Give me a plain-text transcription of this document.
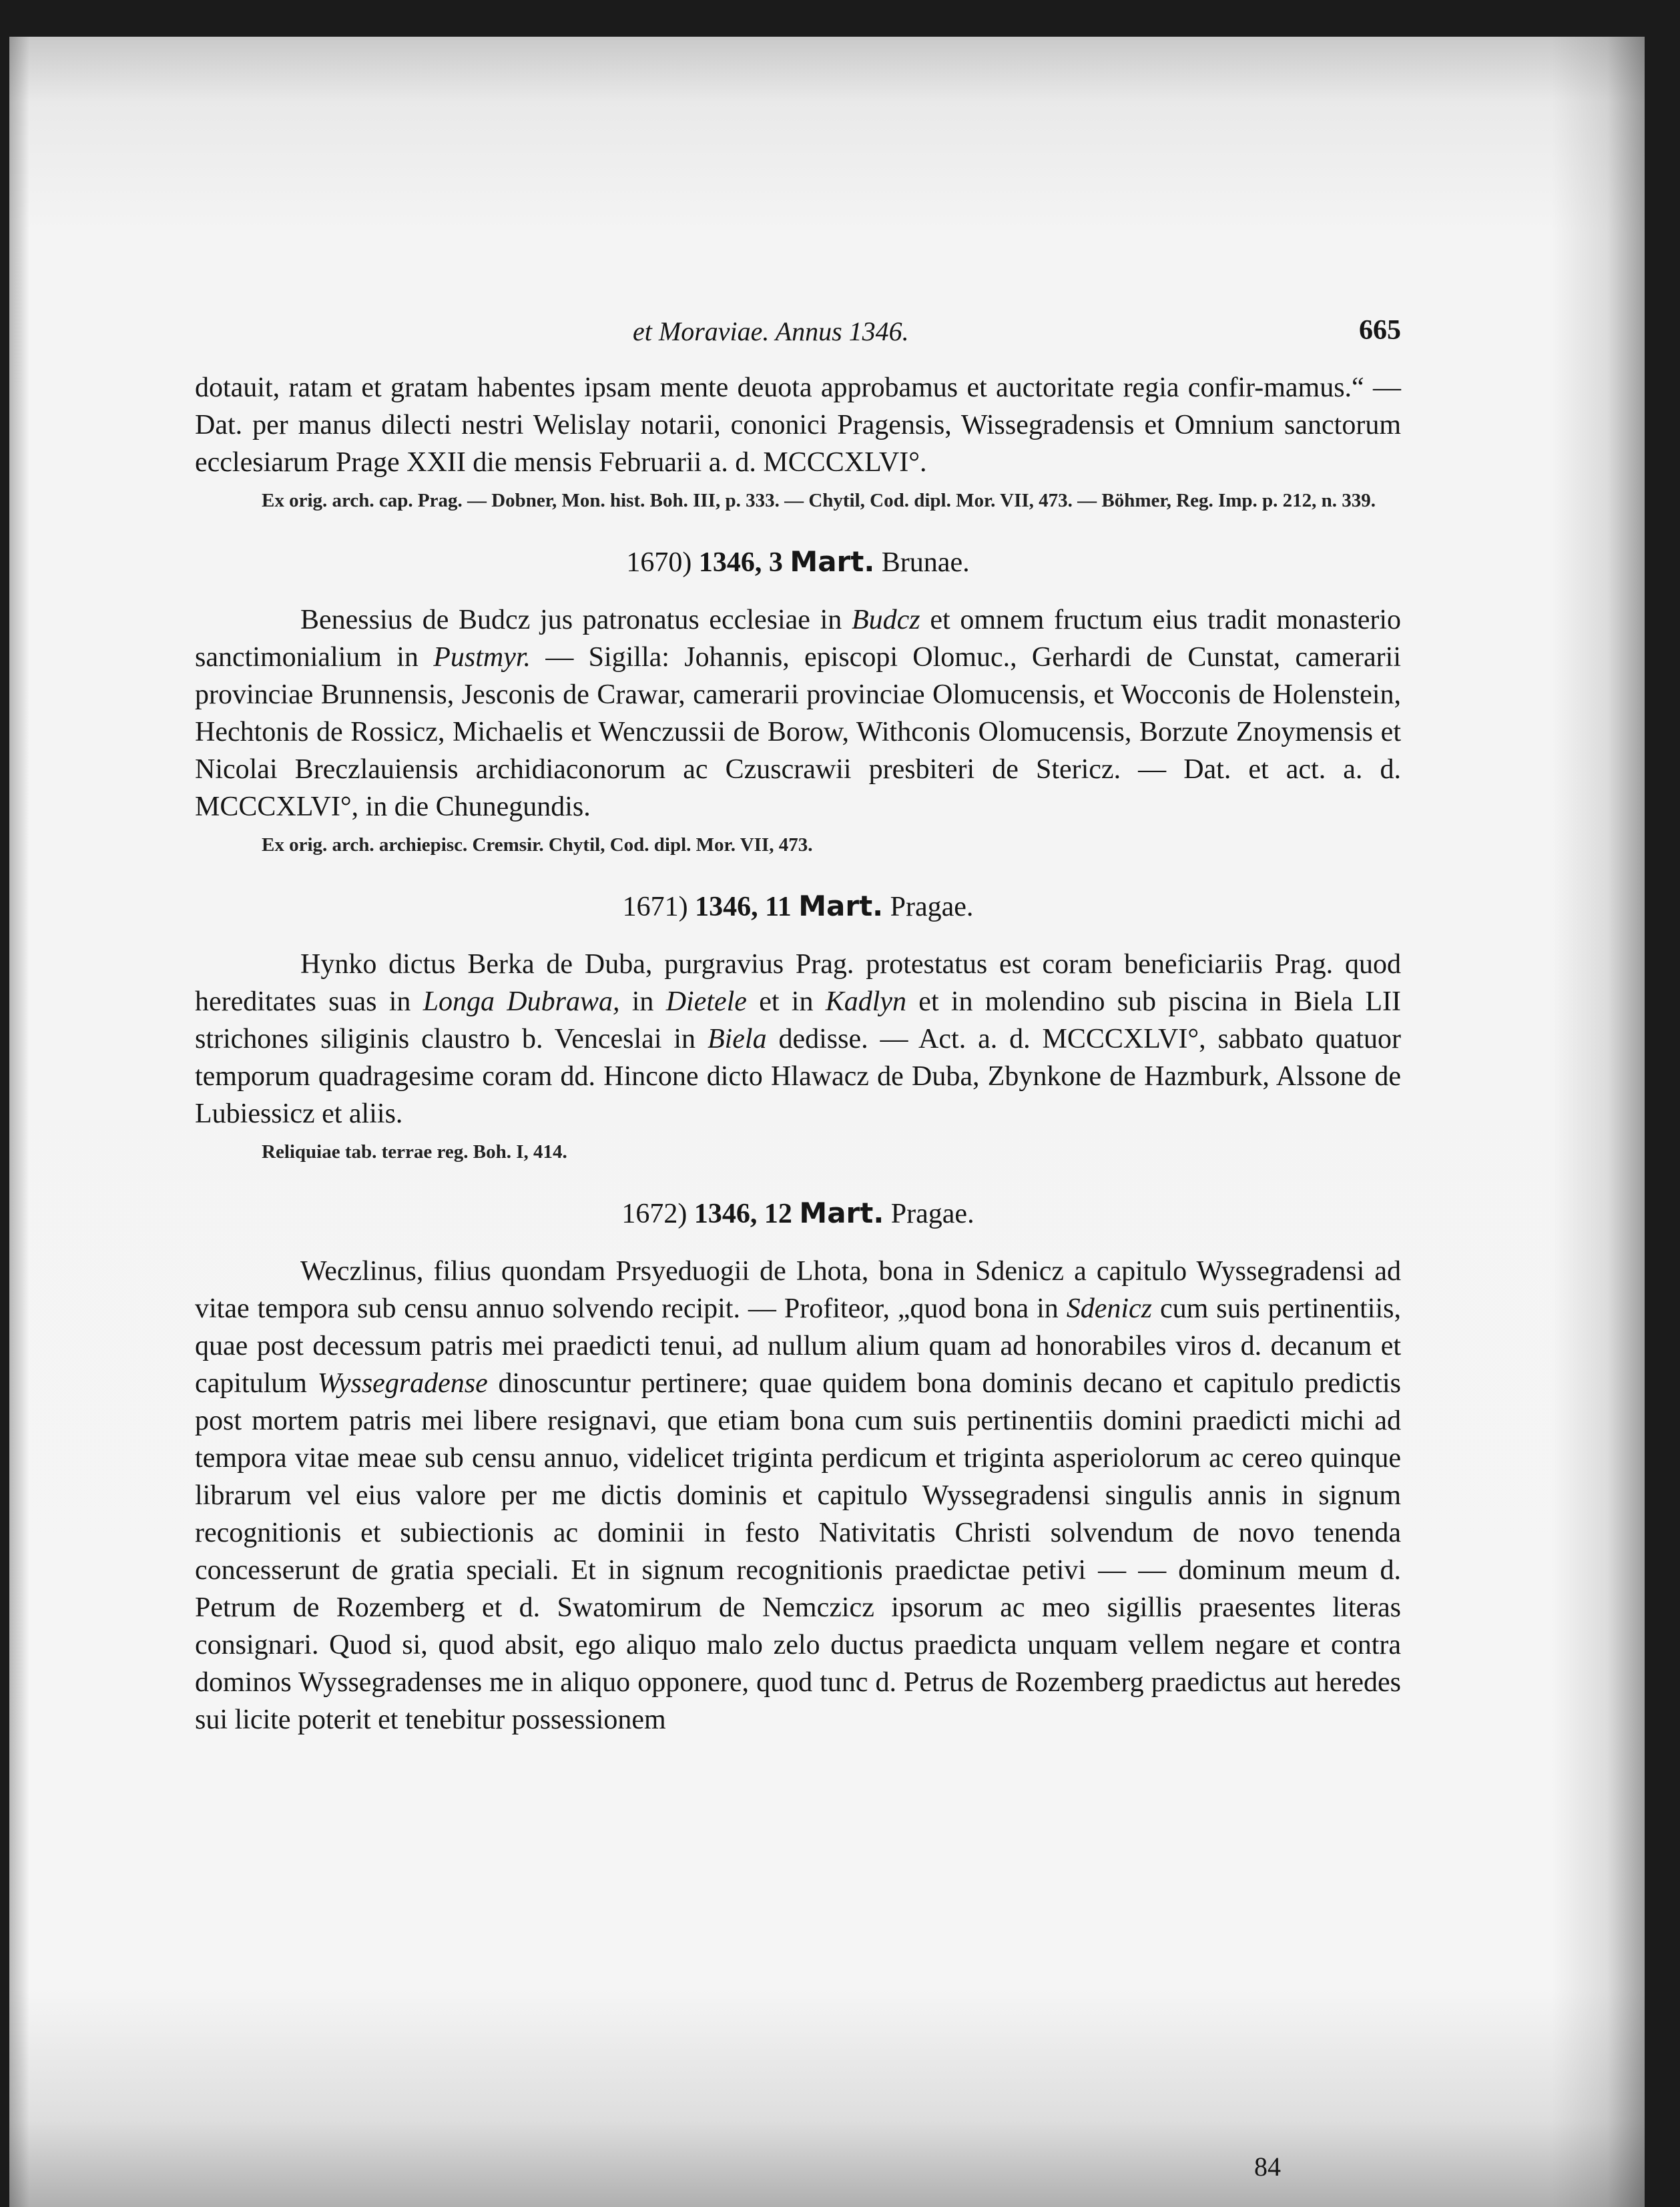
et Moraviae. Annus 1346.	665

dotauit, ratam et gratam habentes ipsam mente deuota approbamus et auctoritate regia confir-mamus.“ — Dat. per manus dilecti nestri Welislay notarii, cononici Pragensis, Wissegradensis et Omnium sanctorum ecclesiarum Prage XXII die mensis Februarii a. d. MCCCXLVI°.

Ex orig. arch. cap. Prag. — Dobner, Mon. hist. Boh. III, p. 333. — Chytil, Cod. dipl. Mor. VII, 473. — Böhmer, Reg. Imp. p. 212, n. 339.

1670) 1346, 3 Mart. Brunae.

Benessius de Budcz jus patronatus ecclesiae in Budcz et omnem fructum eius tradit monasterio sanctimonialium in Pustmyr. — Sigilla: Johannis, episcopi Olomuc., Gerhardi de Cunstat, camerarii provinciae Brunnensis, Jesconis de Crawar, camerarii provinciae Olomucensis, et Wocconis de Holenstein, Hechtonis de Rossicz, Michaelis et Wenczussii de Borow, Withconis Olomucensis, Borzute Znoymensis et Nicolai Breczlauiensis archidiaconorum ac Czuscrawii presbiteri de Stericz. — Dat. et act. a. d. MCCCXLVI°, in die Chunegundis.

Ex orig. arch. archiepisc. Cremsir. Chytil, Cod. dipl. Mor. VII, 473.

1671) 1346, 11 Mart. Pragae.

Hynko dictus Berka de Duba, purgravius Prag. protestatus est coram beneficiariis Prag. quod hereditates suas in Longa Dubrawa, in Dietele et in Kadlyn et in molendino sub piscina in Biela LII strichones siliginis claustro b. Venceslai in Biela dedisse. — Act. a. d. MCCCXLVI°, sabbato quatuor temporum quadragesime coram dd. Hincone dicto Hlawacz de Duba, Zbynkone de Hazmburk, Alssone de Lubiessicz et aliis.

Reliquiae tab. terrae reg. Boh. I, 414.

1672) 1346, 12 Mart. Pragae.

Weczlinus, filius quondam Prsyeduogii de Lhota, bona in Sdenicz a capitulo Wyssegradensi ad vitae tempora sub censu annuo solvendo recipit. — Profiteor, „quod bona in Sdenicz cum suis pertinentiis, quae post decessum patris mei praedicti tenui, ad nullum alium quam ad honorabiles viros d. decanum et capitulum Wyssegradense dinoscuntur pertinere; quae quidem bona dominis decano et capitulo predictis post mortem patris mei libere resignavi, que etiam bona cum suis pertinentiis domini praedicti michi ad tempora vitae meae sub censu annuo, videlicet triginta perdicum et triginta asperiolorum ac cereo quinque librarum vel eius valore per me dictis dominis et capitulo Wyssegradensi singulis annis in signum recognitionis et subiectionis ac dominii in festo Nativitatis Christi solvendum de novo tenenda concesserunt de gratia speciali. Et in signum recognitionis praedictae petivi — — dominum meum d. Petrum de Rozemberg et d. Swatomirum de Nemczicz ipsorum ac meo sigillis praesentes literas consignari. Quod si, quod absit, ego aliquo malo zelo ductus praedicta unquam vellem negare et contra dominos Wyssegradenses me in aliquo opponere, quod tunc d. Petrus de Rozemberg praedictus aut heredes sui licite poterit et tenebitur possessionem

84
